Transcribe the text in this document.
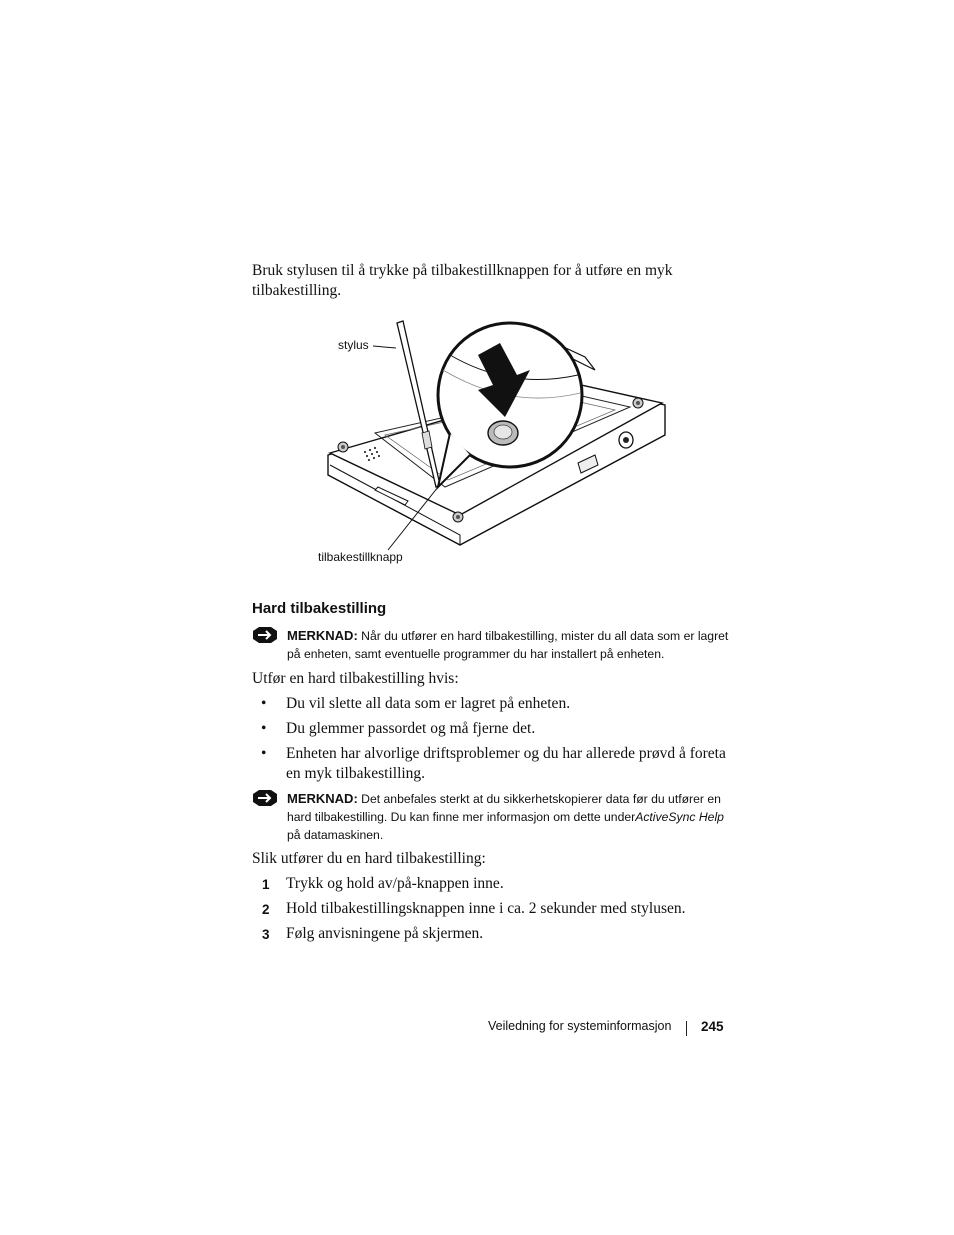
Bruk stylusen til å trykke på tilbakestillknappen for å utføre en myk tilbakestilling.

stylus
tilbakestillknapp
Hard tilbakestilling
MERKNAD: Når du utfører en hard tilbakestilling, mister du all data som er lagret på enheten, samt eventuelle programmer du har installert på enheten.

Utfør en hard tilbakestilling hvis:

• Du vil slette all data som er lagret på enheten.
• Du glemmer passordet og må fjerne det.
• Enheten har alvorlige driftsproblemer og du har allerede prøvd å foreta en myk tilbakestilling.
MERKNAD: Det anbefales sterkt at du sikkerhetskopierer data før du utfører en hard tilbakestilling. Du kan finne mer informasjon om dette underActiveSync Help på datamaskinen.

Slik utfører du en hard tilbakestilling:

1 Trykk og hold av/på-knappen inne.
2 Hold tilbakestillingsknappen inne i ca. 2 sekunder med stylusen.
3 Følg anvisningene på skjermen.
Veiledning for systeminformasjon 245
